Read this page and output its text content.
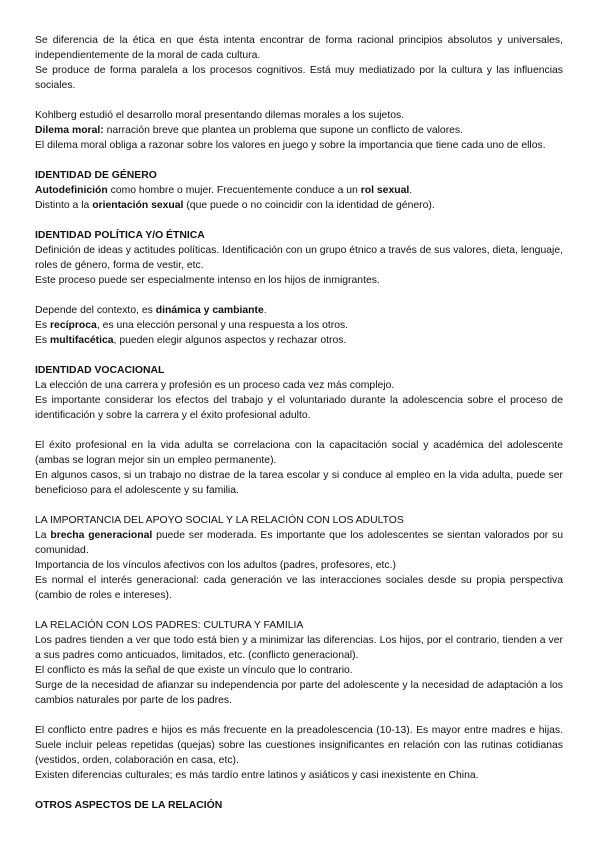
Se diferencia de la ética en que ésta intenta encontrar de forma racional principios absolutos y universales, independientemente de la moral de cada cultura.

Se produce de forma paralela a los procesos cognitivos. Está muy mediatizado por la cultura y las influencias sociales.

Kohlberg estudió el desarrollo moral presentando dilemas morales a los sujetos.

Dilema moral: narración breve que plantea un problema que supone un conflicto de valores.

El dilema moral obliga a razonar sobre los valores en juego y sobre la importancia que tiene cada uno de ellos.

IDENTIDAD DE GÉNERO

Autodefinición como hombre o mujer. Frecuentemente conduce a un rol sexual.

Distinto a la orientación sexual (que puede o no coincidir con la identidad de género).

IDENTIDAD POLÍTICA Y/O ÉTNICA

Definición de ideas y actitudes políticas. Identificación con un grupo étnico a través de sus valores, dieta, lenguaje, roles de género, forma de vestir, etc.

Este proceso puede ser especialmente intenso en los hijos de inmigrantes.

Depende del contexto, es dinámica y cambiante.

Es recíproca, es una elección personal y una respuesta a los otros.

Es multifacética, pueden elegir algunos aspectos y rechazar otros.

IDENTIDAD VOCACIONAL

La elección de una carrera y profesión es un proceso cada vez más complejo.

Es importante considerar los efectos del trabajo y el voluntariado durante la adolescencia sobre el proceso de identificación y sobre la carrera y el éxito profesional adulto.

El éxito profesional en la vida adulta se correlaciona con la capacitación social y académica del adolescente (ambas se logran mejor sin un empleo permanente).

En algunos casos, si un trabajo no distrae de la tarea escolar y si conduce al empleo en la vida adulta, puede ser beneficioso para el adolescente y su familia.

LA IMPORTANCIA DEL APOYO SOCIAL Y LA RELACIÓN CON LOS ADULTOS

La brecha generacional puede ser moderada. Es importante que los adolescentes se sientan valorados por su comunidad.

Importancia de los vínculos afectivos con los adultos (padres, profesores, etc.)

Es normal el interés generacional: cada generación ve las interacciones sociales desde su propia perspectiva (cambio de roles e intereses).

LA RELACIÓN CON LOS PADRES: CULTURA Y FAMILIA

Los padres tienden a ver que todo está bien y a minimizar las diferencias. Los hijos, por el contrario, tienden a ver a sus padres como anticuados, limitados, etc. (conflicto generacional).

El conflicto es más la señal de que existe un vínculo que lo contrario.

Surge de la necesidad de afianzar su independencia por parte del adolescente y la necesidad de adaptación a los cambios naturales por parte de los padres.

El conflicto entre padres e hijos es más frecuente en la preadolescencia (10-13). Es mayor entre madres e hijas. Suele incluir peleas repetidas (quejas) sobre las cuestiones insignificantes en relación con las rutinas cotidianas (vestidos, orden, colaboración en casa, etc).

Existen diferencias culturales; es más tardío entre latinos y asiáticos y casi inexistente en China.

OTROS ASPECTOS DE LA RELACIÓN
